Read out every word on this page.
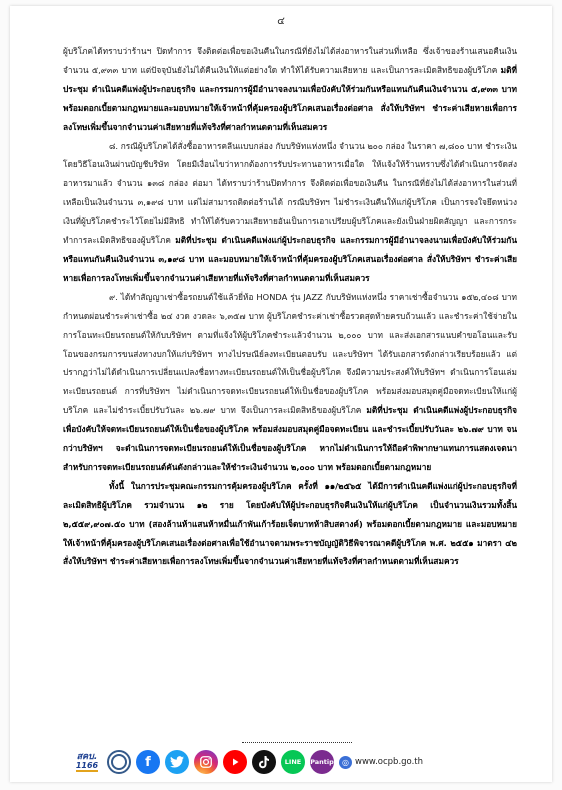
๔

ผู้บริโภคได้ทราบว่าร้านฯ ปิดทำการ จึงติดต่อเพื่อขอเงินคืนในกรณีที่ยังไม่ได้ส่งอาหารในส่วนที่เหลือ ซึ่งเจ้าของร้านเสนอคืนเงินจำนวน ๕,๙๓๓ บาท แต่ปัจจุบันยังไม่ได้คืนเงินให้แต่อย่างใด ทำให้ได้รับความเสียหาย และเป็นการละเมิดสิทธิของผู้บริโภค มติที่ประชุม ดำเนินคดีแพ่งผู้ประกอบธุรกิจ และกรรมการผู้มีอำนาจลงนามเพื่อบังคับให้ร่วมกันหรือแทนกันคืนเงินจำนวน ๕,๙๓๓ บาท พร้อมดอกเบี้ยตามกฎหมายและมอบหมายให้เจ้าหน้าที่คุ้มครองผู้บริโภคเสนอเรื่องต่อศาล สั่งให้บริษัทฯ ชำระค่าเสียหายเพื่อการลงโทษเพิ่มขึ้นจากจำนวนค่าเสียหายที่แท้จริงที่ศาลกำหนดตามที่เห็นสมควร

๘. กรณีผู้บริโภคได้สั่งซื้ออาหารคลีนแบบกล่อง กับบริษัทแห่งหนึ่ง จำนวน ๒๐๐ กล่อง ในราคา ๗,๘๐๐ บาท ชำระเงินโดยวิธีโอนเงินผ่านบัญชีบริษัท โดยมีเงื่อนไขว่าหากต้องการรับประทานอาหารเมื่อใด ให้แจ้งให้ร้านทราบซึ่งได้ดำเนินการจัดส่งอาหารมาแล้ว จำนวน ๑๓๘ กล่อง ต่อมา ได้ทราบว่าร้านปิดทำการ จึงติดต่อเพื่อขอเงินคืน ในกรณีที่ยังไม่ได้ส่งอาหารในส่วนที่เหลือเป็นเงินจำนวน ๓,๑๙๘ บาท แต่ไม่สามารถติดต่อร้านได้ กรณีบริษัทฯ ไม่ชำระเงินคืนให้แก่ผู้บริโภค เป็นการจงใจยึดหน่วงเงินที่ผู้บริโภคชำระไว้โดยไม่มีสิทธิ ทำให้ได้รับความเสียหายอันเป็นการเอาเปรียบผู้บริโภคและยังเป็นฝ่ายผิดสัญญา และการกระทำการละเมิดสิทธิของผู้บริโภค มติที่ประชุม ดำเนินคดีแพ่งแก่ผู้ประกอบธุรกิจ และกรรมการผู้มีอำนาจลงนามเพื่อบังคับให้ร่วมกันหรือแทนกันคืนเงินจำนวน ๓,๑๙๘ บาท และมอบหมายให้เจ้าหน้าที่คุ้มครองผู้บริโภคเสนอเรื่องต่อศาล สั่งให้บริษัทฯ ชำระค่าเสียหายเพื่อการลงโทษเพิ่มขึ้นจากจำนวนค่าเสียหายที่แท้จริงที่ศาลกำหนดตามที่เห็นสมควร

๙. ได้ทำสัญญาเช่าซื้อรถยนต์ใช้แล้วยี่ห้อ HONDA รุ่น JAZZ กับบริษัทแห่งหนึ่ง ราคาเช่าซื้อจำนวน ๑๕๒,๔๐๘ บาท กำหนดผ่อนชำระค่าเช่าซื้อ ๒๔ งวด งวดละ ๖,๓๕๗ บาท ผู้บริโภคชำระค่าเช่าซื้อรวดสุดท้ายครบถ้วนแล้ว และชำระค่าใช้จ่ายในการโอนทะเบียนรถยนต์ให้กับบริษัทฯ ตามที่แจ้งให้ผู้บริโภคชำระแล้วจำนวน ๒,๐๐๐ บาท และส่งเอกสารแนบคำขอโอนและรับโอนของกรมการขนส่งทางบกให้แก่บริษัทฯ ทางไปรษณีย์ลงทะเบียนตอบรับ และบริษัทฯ ได้รับเอกสารดังกล่าวเรียบร้อยแล้ว แต่ปรากฏว่าไม่ได้ดำเนินการเปลี่ยนแปลงชื่อทางทะเบียนรถยนต์ให้เป็นชื่อผู้บริโภค จึงมีความประสงค์ให้บริษัทฯ ดำเนินการโอนเล่มทะเบียนรถยนต์ การที่บริษัทฯ ไม่ดำเนินการจดทะเบียนรถยนต์ให้เป็นชื่อของผู้บริโภค พร้อมส่งมอบสมุดคู่มือจดทะเบียนให้แก่ผู้บริโภค และไม่ชำระเบี้ยปรับวันละ ๒๖.๗๙ บาท จึงเป็นการละเมิดสิทธิของผู้บริโภค มติที่ประชุม ดำเนินคดีแพ่งผู้ประกอบธุรกิจ เพื่อบังคับให้จดทะเบียนรถยนต์ให้เป็นชื่อของผู้บริโภค พร้อมส่งมอบสมุดคู่มือจดทะเบียน และชำระเบี้ยปรับวันละ ๒๖.๗๙ บาท จนกว่าบริษัทฯ จะดำเนินการจดทะเบียนรถยนต์ให้เป็นชื่อของผู้บริโภค หากไม่ดำเนินการให้ถือคำพิพากษาแทนการแสดงเจตนาสำหรับการจดทะเบียนรถยนต์คันดังกล่าวและให้ชำระเงินจำนวน ๒,๐๐๐ บาท พร้อมดอกเบี้ยตามกฎหมาย

ทั้งนี้ ในการประชุมคณะกรรมการคุ้มครองผู้บริโภค ครั้งที่ ๑๑/๒๕๖๕ ได้มีการดำเนินคดีแพ่งแก่ผู้ประกอบธุรกิจที่ละเมิดสิทธิผู้บริโภค รวมจำนวน ๑๒ ราย โดยบังคับให้ผู้ประกอบธุรกิจคืนเงินให้แก่ผู้บริโภค เป็นจำนวนเงินรวมทั้งสิ้น ๒,๕๕๙,๙๐๗.๕๐ บาท (สองล้านห้าแสนห้าหมื่นเก้าพันเก้าร้อยเจ็ดบาทห้าสิบสตางค์) พร้อมดอกเบี้ยตามกฎหมาย และมอบหมายให้เจ้าหน้าที่คุ้มครองผู้บริโภคเสนอเรื่องต่อศาลเพื่อใช้อำนาจตามพระราชบัญญัติวิธีพิจารณาคดีผู้บริโภค พ.ศ. ๒๕๕๑ มาตรา ๔๒ สั่งให้บริษัทฯ ชำระค่าเสียหายเพื่อการลงโทษเพิ่มขึ้นจากจำนวนค่าเสียหายที่แท้จริงที่ศาลกำหนดตามที่เห็นสมควร

สคบ.
1166	f	LINE	Pantip	◎ www.ocpb.go.th
